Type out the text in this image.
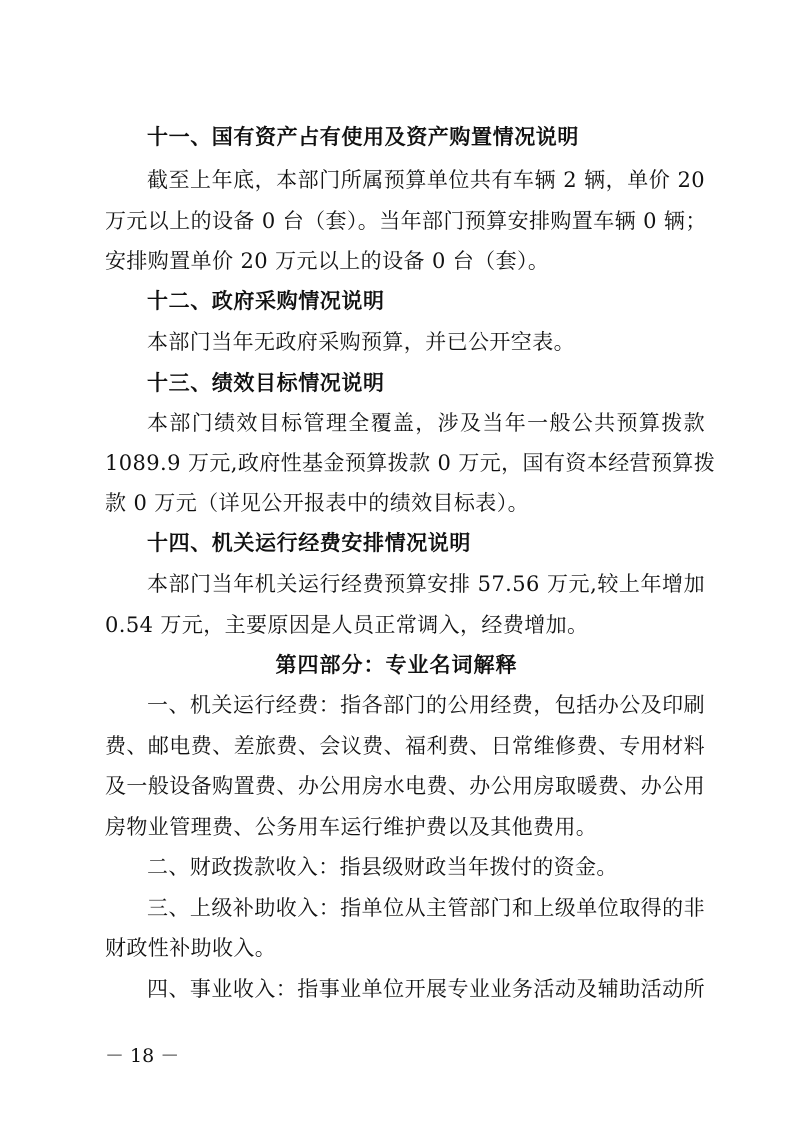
十一、国有资产占有使用及资产购置情况说明
截至上年底，本部门所属预算单位共有车辆 2 辆，单价 20
万元以上的设备 0 台（套）。当年部门预算安排购置车辆 0 辆；
安排购置单价 20 万元以上的设备 0 台（套）。
十二、政府采购情况说明
本部门当年无政府采购预算，并已公开空表。
十三、绩效目标情况说明
本部门绩效目标管理全覆盖，涉及当年一般公共预算拨款
1089.9 万元,政府性基金预算拨款 0 万元，国有资本经营预算拨
款 0 万元（详见公开报表中的绩效目标表）。
十四、机关运行经费安排情况说明
本部门当年机关运行经费预算安排 57.56 万元,较上年增加
0.54 万元，主要原因是人员正常调入，经费增加。
第四部分：专业名词解释
一、机关运行经费：指各部门的公用经费，包括办公及印刷
费、邮电费、差旅费、会议费、福利费、日常维修费、专用材料
及一般设备购置费、办公用房水电费、办公用房取暖费、办公用
房物业管理费、公务用车运行维护费以及其他费用。
二、财政拨款收入：指县级财政当年拨付的资金。
三、上级补助收入：指单位从主管部门和上级单位取得的非
财政性补助收入。
四、事业收入：指事业单位开展专业业务活动及辅助活动所
－ 18 －
